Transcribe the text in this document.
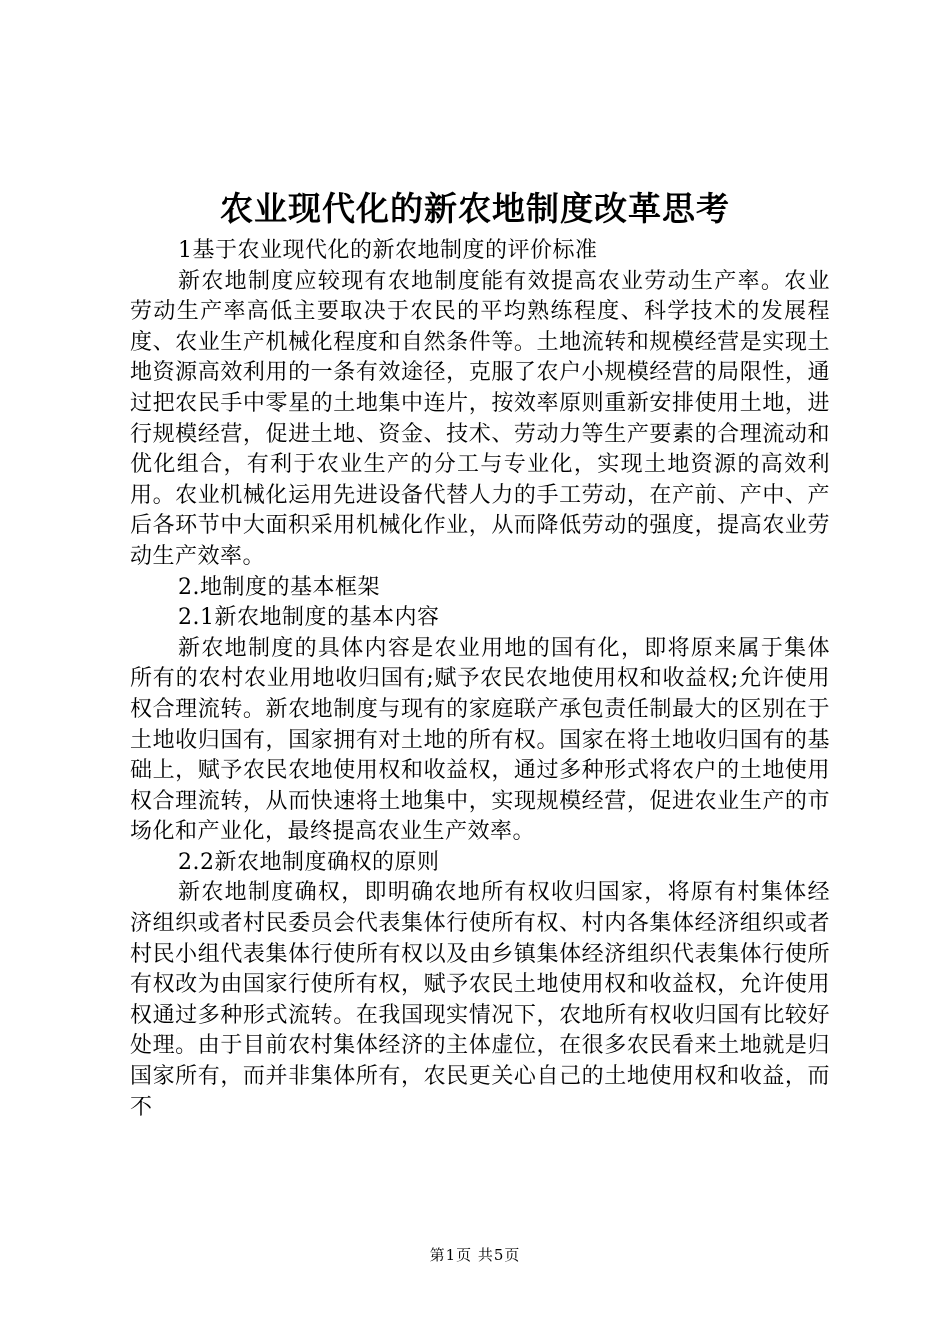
农业现代化的新农地制度改革思考

1基于农业现代化的新农地制度的评价标准

新农地制度应较现有农地制度能有效提高农业劳动生产率。农业劳动生产率高低主要取决于农民的平均熟练程度、科学技术的发展程度、农业生产机械化程度和自然条件等。土地流转和规模经营是实现土地资源高效利用的一条有效途径，克服了农户小规模经营的局限性，通过把农民手中零星的土地集中连片，按效率原则重新安排使用土地，进行规模经营，促进土地、资金、技术、劳动力等生产要素的合理流动和优化组合，有利于农业生产的分工与专业化，实现土地资源的高效利用。农业机械化运用先进设备代替人力的手工劳动，在产前、产中、产后各环节中大面积采用机械化作业，从而降低劳动的强度，提高农业劳动生产效率。

2.地制度的基本框架

2.1新农地制度的基本内容

新农地制度的具体内容是农业用地的国有化，即将原来属于集体所有的农村农业用地收归国有;赋予农民农地使用权和收益权;允许使用权合理流转。新农地制度与现有的家庭联产承包责任制最大的区别在于土地收归国有，国家拥有对土地的所有权。国家在将土地收归国有的基础上，赋予农民农地使用权和收益权，通过多种形式将农户的土地使用权合理流转，从而快速将土地集中，实现规模经营，促进农业生产的市场化和产业化，最终提高农业生产效率。

2.2新农地制度确权的原则

新农地制度确权，即明确农地所有权收归国家，将原有村集体经济组织或者村民委员会代表集体行使所有权、村内各集体经济组织或者村民小组代表集体行使所有权以及由乡镇集体经济组织代表集体行使所有权改为由国家行使所有权，赋予农民土地使用权和收益权，允许使用权通过多种形式流转。在我国现实情况下，农地所有权收归国有比较好处理。由于目前农村集体经济的主体虚位，在很多农民看来土地就是归国家所有，而并非集体所有，农民更关心自己的土地使用权和收益，而不

第1页 共5页
